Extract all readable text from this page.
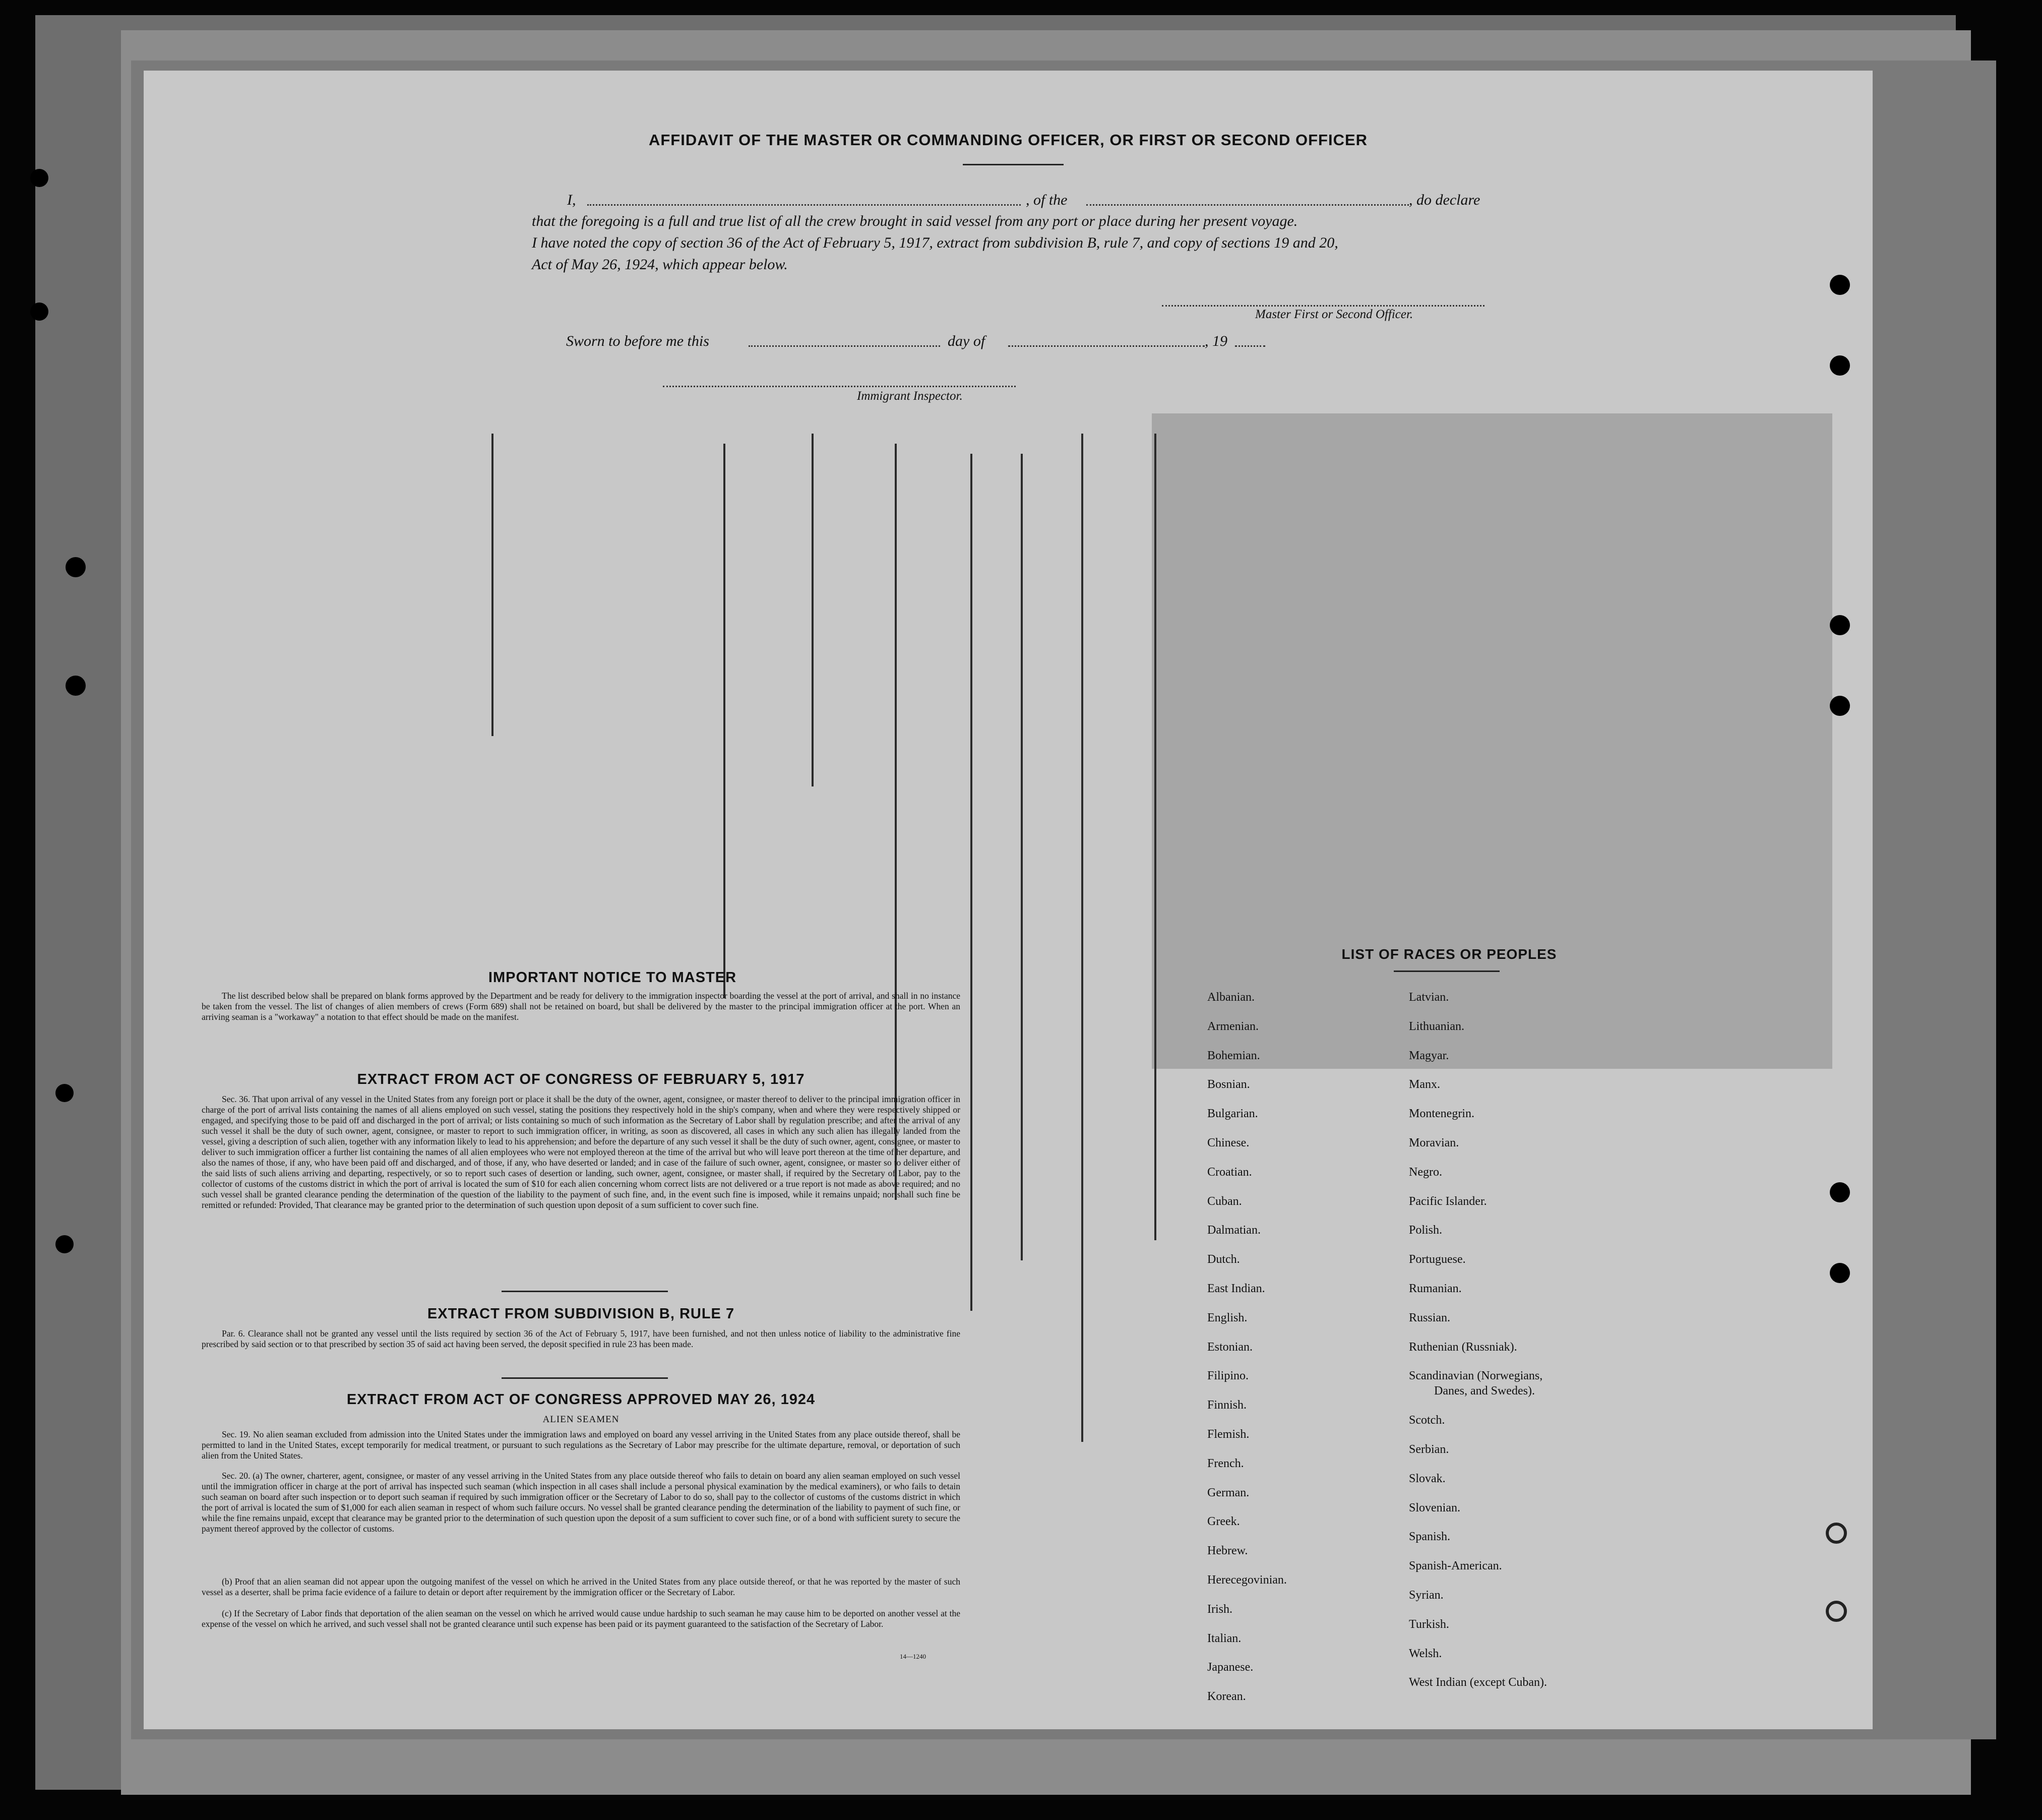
AFFIDAVIT OF THE MASTER OR COMMANDING OFFICER, OR FIRST OR SECOND OFFICER
I,	, of the	, do declare
that the foregoing is a full and true list of all the crew brought in said vessel from any port or place during her present voyage.
I have noted the copy of section 36 of the Act of February 5, 1917, extract from subdivision B, rule 7, and copy of sections 19 and 20,
Act of May 26, 1924, which appear below.
Master First or Second Officer.
Sworn to before me this	day of	, 19
Immigrant Inspector.
IMPORTANT NOTICE TO MASTER
The list described below shall be prepared on blank forms approved by the Department and be ready for delivery to the immigration inspector boarding the vessel at the port of arrival, and shall in no instance be taken from the vessel. The list of changes of alien members of crews (Form 689) shall not be retained on board, but shall be delivered by the master to the principal immigration officer at the port. When an arriving seaman is a "workaway" a notation to that effect should be made on the manifest.
EXTRACT FROM ACT OF CONGRESS OF FEBRUARY 5, 1917
Sec. 36. That upon arrival of any vessel in the United States from any foreign port or place it shall be the duty of the owner, agent, consignee, or master thereof to deliver to the principal immigration officer in charge of the port of arrival lists containing the names of all aliens employed on such vessel, stating the positions they respectively hold in the ship's company, when and where they were respectively shipped or engaged, and specifying those to be paid off and discharged in the port of arrival; or lists containing so much of such information as the Secretary of Labor shall by regulation prescribe; and after the arrival of any such vessel it shall be the duty of such owner, agent, consignee, or master to report to such immigration officer, in writing, as soon as discovered, all cases in which any such alien has illegally landed from the vessel, giving a description of such alien, together with any information likely to lead to his apprehension; and before the departure of any such vessel it shall be the duty of such owner, agent, consignee, or master to deliver to such immigration officer a further list containing the names of all alien employees who were not employed thereon at the time of the arrival but who will leave port thereon at the time of her departure, and also the names of those, if any, who have been paid off and discharged, and of those, if any, who have deserted or landed; and in case of the failure of such owner, agent, consignee, or master so to deliver either of the said lists of such aliens arriving and departing, respectively, or so to report such cases of desertion or landing, such owner, agent, consignee, or master shall, if required by the Secretary of Labor, pay to the collector of customs of the customs district in which the port of arrival is located the sum of $10 for each alien concerning whom correct lists are not delivered or a true report is not made as above required; and no such vessel shall be granted clearance pending the determination of the question of the liability to the payment of such fine, and, in the event such fine is imposed, while it remains unpaid; nor shall such fine be remitted or refunded: Provided, That clearance may be granted prior to the determination of such question upon deposit of a sum sufficient to cover such fine.
EXTRACT FROM SUBDIVISION B, RULE 7
Par. 6. Clearance shall not be granted any vessel until the lists required by section 36 of the Act of February 5, 1917, have been furnished, and not then unless notice of liability to the administrative fine prescribed by said section or to that prescribed by section 35 of said act having been served, the deposit specified in rule 23 has been made.
EXTRACT FROM ACT OF CONGRESS APPROVED MAY 26, 1924
ALIEN SEAMEN
Sec. 19. No alien seaman excluded from admission into the United States under the immigration laws and employed on board any vessel arriving in the United States from any place outside thereof, shall be permitted to land in the United States, except temporarily for medical treatment, or pursuant to such regulations as the Secretary of Labor may prescribe for the ultimate departure, removal, or deportation of such alien from the United States.
Sec. 20. (a) The owner, charterer, agent, consignee, or master of any vessel arriving in the United States from any place outside thereof who fails to detain on board any alien seaman employed on such vessel until the immigration officer in charge at the port of arrival has inspected such seaman (which inspection in all cases shall include a personal physical examination by the medical examiners), or who fails to detain such seaman on board after such inspection or to deport such seaman if required by such immigration officer or the Secretary of Labor to do so, shall pay to the collector of customs of the customs district in which the port of arrival is located the sum of $1,000 for each alien seaman in respect of whom such failure occurs. No vessel shall be granted clearance pending the determination of the liability to payment of such fine, or while the fine remains unpaid, except that clearance may be granted prior to the determination of such question upon the deposit of a sum sufficient to cover such fine, or of a bond with sufficient surety to secure the payment thereof approved by the collector of customs.
(b) Proof that an alien seaman did not appear upon the outgoing manifest of the vessel on which he arrived in the United States from any place outside thereof, or that he was reported by the master of such vessel as a deserter, shall be prima facie evidence of a failure to detain or deport after requirement by the immigration officer or the Secretary of Labor.
(c) If the Secretary of Labor finds that deportation of the alien seaman on the vessel on which he arrived would cause undue hardship to such seaman he may cause him to be deported on another vessel at the expense of the vessel on which he arrived, and such vessel shall not be granted clearance until such expense has been paid or its payment guaranteed to the satisfaction of the Secretary of Labor.
14—1240
LIST OF RACES OR PEOPLES
Albanian.
Armenian.
Bohemian.
Bosnian.
Bulgarian.
Chinese.
Croatian.
Cuban.
Dalmatian.
Dutch.
East Indian.
English.
Estonian.
Filipino.
Finnish.
Flemish.
French.
German.
Greek.
Hebrew.
Herecegovinian.
Irish.
Italian.
Japanese.
Korean.
Latvian.
Lithuanian.
Magyar.
Manx.
Montenegrin.
Moravian.
Negro.
Pacific Islander.
Polish.
Portuguese.
Rumanian.
Russian.
Ruthenian (Russniak).
Scandinavian (Norwegians,
Danes, and Swedes).
Scotch.
Serbian.
Slovak.
Slovenian.
Spanish.
Spanish-American.
Syrian.
Turkish.
Welsh.
West Indian (except Cuban).
